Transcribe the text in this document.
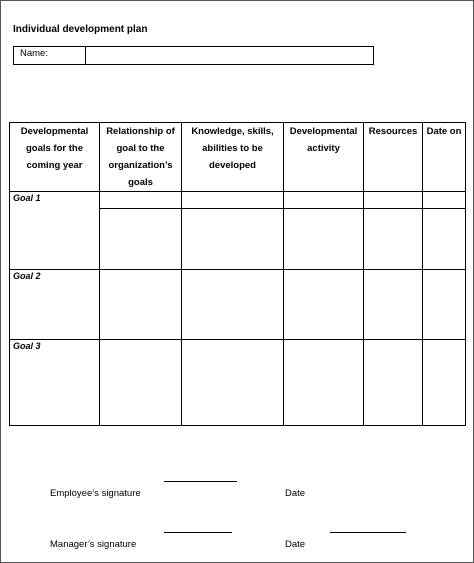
Individual development plan
Name:
Developmental goals for the coming year	Relationship of goal to the organization’s goals	Knowledge, skills, abilities to be developed	Developmental activity	Resources	Date on
Goal 1					

Goal 2					
Goal 3					
Employee’s signature	Date
Manager’s signature	Date
